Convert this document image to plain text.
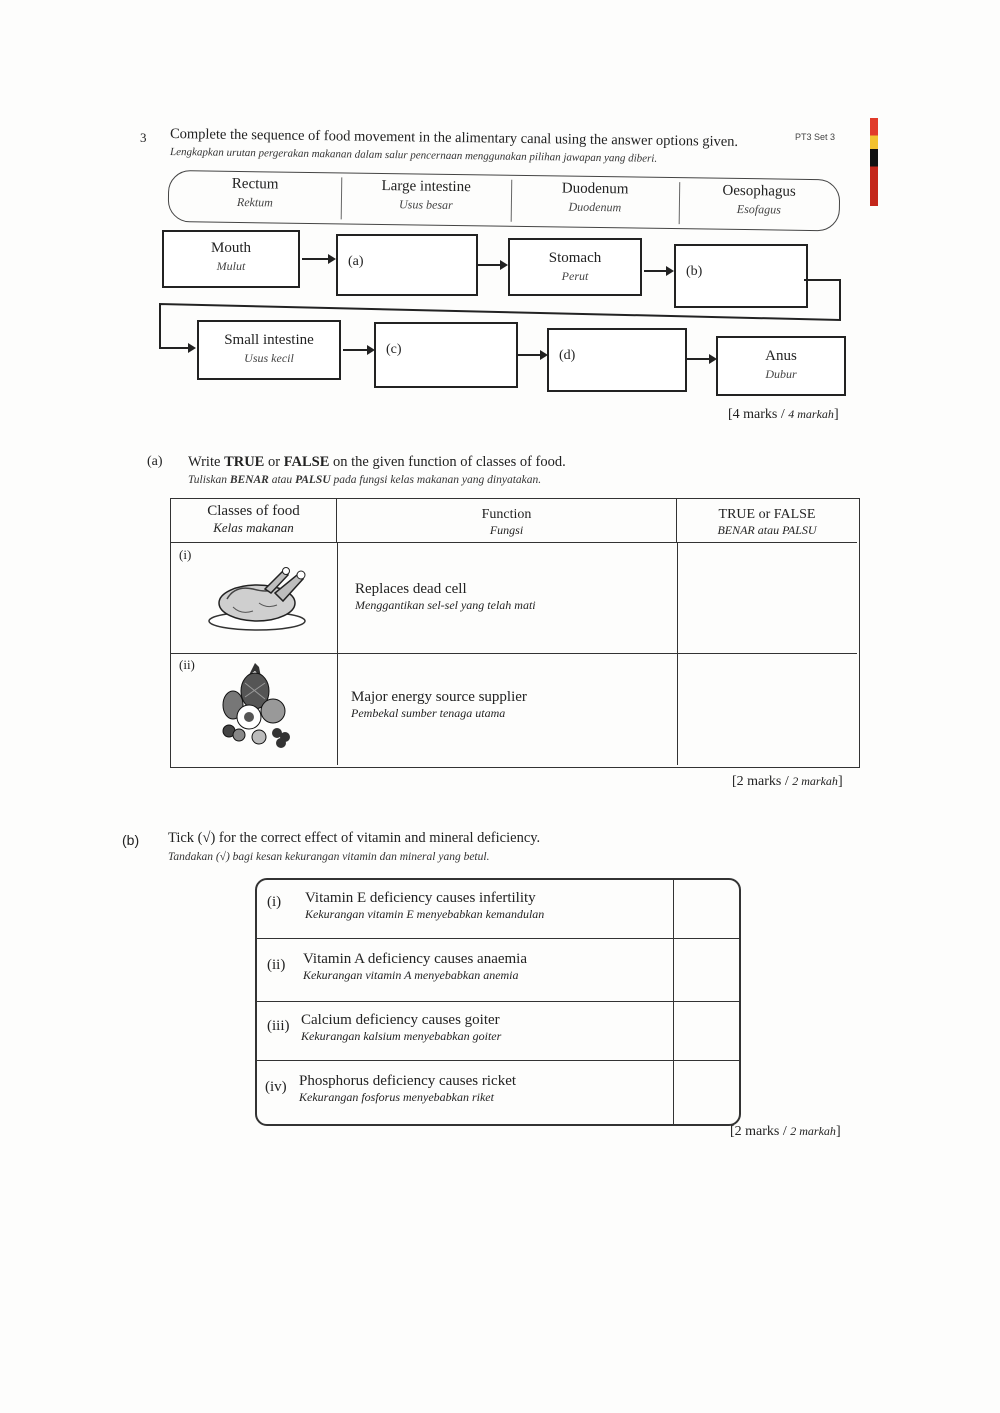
PT3 Set 3
3 Complete the sequence of food movement in the alimentary canal using the answer options given.
Lengkapkan urutan pergerakan makanan dalam salur pencernaan menggunakan pilihan jawapan yang diberi.
Rectum
Rektum
Large intestine
Usus besar
Duodenum
Duodenum
Oesophagus
Esofagus
Mouth
Mulut	(a)	Stomach
Perut	(b)
Small intestine
Usus kecil
(c)	(d)	Anus
Dubur
[4 marks / 4 markah]
(a) Write TRUE or FALSE on the given function of classes of food.
Tuliskan BENAR atau PALSU pada fungsi kelas makanan yang dinyatakan.
Classes of food
Kelas makanan
Function
Fungsi
TRUE or FALSE
BENAR atau PALSU
(i)
Replaces dead cell
Menggantikan sel-sel yang telah mati
(ii)
Major energy source supplier
Pembekal sumber tenaga utama
[2 marks / 2 markah]
(b) Tick (√) for the correct effect of vitamin and mineral deficiency.
Tandakan (√) bagi kesan kekurangan vitamin dan mineral yang betul.
(i) Vitamin E deficiency causes infertility
Kekurangan vitamin E menyebabkan kemandulan
(ii) Vitamin A deficiency causes anaemia
Kekurangan vitamin A menyebabkan anemia
(iii) Calcium deficiency causes goiter
Kekurangan kalsium menyebabkan goiter
(iv) Phosphorus deficiency causes ricket
Kekurangan fosforus menyebabkan riket
[2 marks / 2 markah]
